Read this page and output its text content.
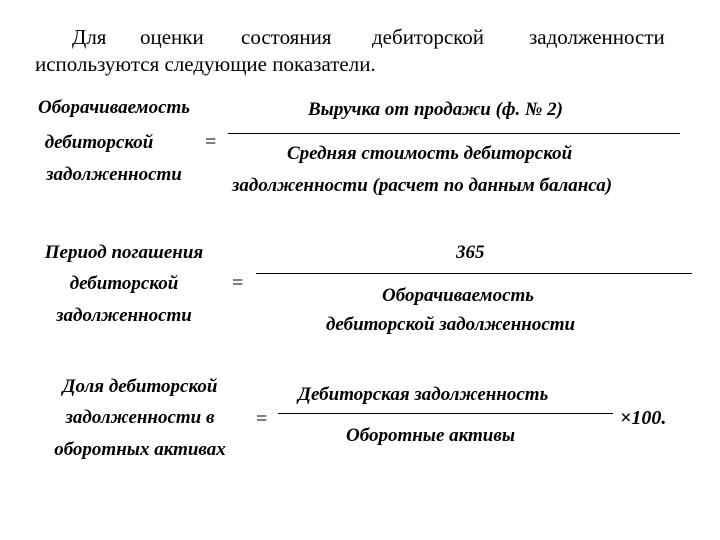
Для оценки состояния дебиторской задолженности
используются следующие показатели.
Оборачиваемость
дебиторской
задолженности
=
Выручка от продажи (ф. № 2)
Средняя стоимость дебиторской
задолженности (расчет по данным баланса)
Период погашения
дебиторской
задолженности
=
365
Оборачиваемость
дебиторской задолженности
Доля дебиторской
задолженности в
оборотных активах
=
Дебиторская задолженность
Оборотные активы
×100.
